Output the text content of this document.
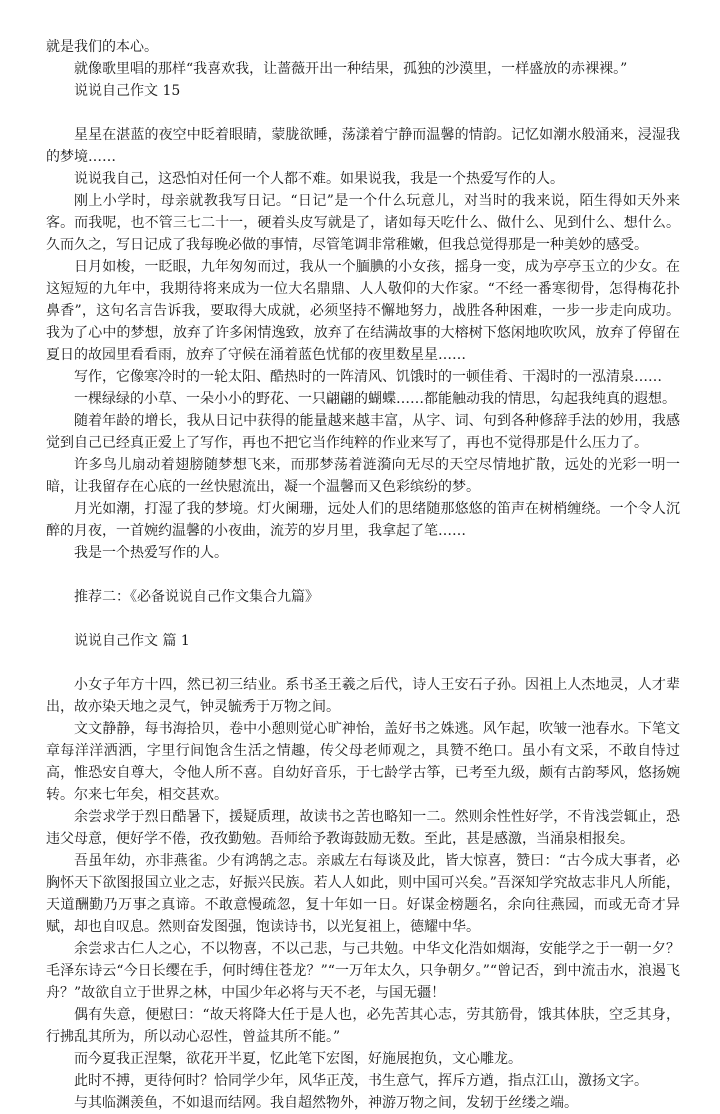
就是我们的本心。

就像歌里唱的那样“我喜欢我，让蔷薇开出一种结果，孤独的沙漠里，一样盛放的赤裸裸。”

说说自己作文 15

星星在湛蓝的夜空中眨着眼睛，蒙胧欲睡，荡漾着宁静而温馨的情韵。记忆如潮水般涌来，浸湿我的梦境……

说说我自己，这恐怕对任何一个人都不难。如果说我，我是一个热爱写作的人。

刚上小学时，母亲就教我写日记。“日记”是一个什么玩意儿，对当时的我来说，陌生得如天外来客。而我呢，也不管三七二十一，硬着头皮写就是了，诸如每天吃什么、做什么、见到什么、想什么。久而久之，写日记成了我每晚必做的事情，尽管笔调非常稚嫩，但我总觉得那是一种美妙的感受。

日月如梭，一眨眼，九年匆匆而过，我从一个腼腆的小女孩，摇身一变，成为亭亭玉立的少女。在这短短的九年中，我期待将来成为一位大名鼎鼎、人人敬仰的大作家。“不经一番寒彻骨，怎得梅花扑鼻香”，这句名言告诉我，要取得大成就，必须坚持不懈地努力，战胜各种困难，一步一步走向成功。我为了心中的梦想，放弃了许多闲情逸致，放弃了在结满故事的大榕树下悠闲地吹吹风，放弃了停留在夏日的故园里看看雨，放弃了守候在涌着蓝色忧郁的夜里数星星……

写作，它像寒冷时的一轮太阳、酷热时的一阵清风、饥饿时的一顿佳肴、干渴时的一泓清泉……

一棵绿绿的小草、一朵小小的野花、一只翩翩的蝴蝶……都能触动我的情思，勾起我纯真的遐想。

随着年龄的增长，我从日记中获得的能量越来越丰富，从字、词、句到各种修辞手法的妙用，我感觉到自己已经真正爱上了写作，再也不把它当作纯粹的作业来写了，再也不觉得那是什么压力了。

许多鸟儿扇动着翅膀随梦想飞来，而那梦荡着涟漪向无尽的天空尽情地扩散，远处的光彩一明一暗，让我留存在心底的一丝快慰流出，凝一个温馨而又色彩缤纷的梦。

月光如潮，打湿了我的梦境。灯火阑珊，远处人们的思绪随那悠悠的笛声在树梢缠绕。一个令人沉醉的月夜，一首婉约温馨的小夜曲，流芳的岁月里，我拿起了笔……

我是一个热爱写作的人。

推荐二：《必备说说自己作文集合九篇》

说说自己作文 篇 1

小女子年方十四，然已初三结业。系书圣王羲之后代，诗人王安石子孙。因祖上人杰地灵，人才辈出，故亦染天地之灵气，钟灵毓秀于万物之间。

文文静静，每书海拾贝，卷中小憩则觉心旷神怡，盖好书之姝逃。风乍起，吹皱一池春水。下笔文章每洋洋洒洒，字里行间饱含生活之情趣，传父母老师观之，具赞不绝口。虽小有文采，不敢自恃过高，惟恐安自尊大，令他人所不喜。自幼好音乐，于七龄学古筝，已考至九级，颇有古韵琴风，悠扬婉转。尔来七年矣，相交甚欢。

余尝求学于烈日酷暑下，援疑质理，故读书之苦也略知一二。然则余性性好学，不肯浅尝辄止，恐违父母意，便好学不倦，孜孜勤勉。吾师给予教诲鼓励无数。至此，甚是感激，当涌泉相报矣。

吾虽年幼，亦非燕雀。少有鸿鹄之志。亲戚左右每谈及此，皆大惊喜，赞曰：“古今成大事者，必胸怀天下欲图报国立业之志，好振兴民族。若人人如此，则中国可兴矣。”吾深知学究故志非凡人所能，天道酬勤乃万事之真谛。不敢意慢疏忽，复十年如一日。好谋金榜题名，余向往燕园，而或无奇才异赋，却也自叹息。然则奋发图强，饱读诗书，以光复祖上，德耀中华。

余尝求古仁人之心，不以物喜，不以己悲，与己共勉。中华文化浩如烟海，安能学之于一朝一夕？毛泽东诗云“今日长缨在手，何时缚住苍龙？”“一万年太久，只争朝夕。”“曾记否，到中流击水，浪遏飞舟？”故欲自立于世界之林，中国少年必将与天不老，与国无疆！

偶有失意，便慰曰：“故天将降大任于是人也，必先苦其心志，劳其筋骨，饿其体肤，空乏其身，行拂乱其所为，所以动心忍性，曾益其所不能。”

而今夏我正涅槃，欲花开半夏，忆此笔下宏图，好施展抱负，文心雕龙。

此时不搏，更待何时？恰同学少年，风华正茂，书生意气，挥斥方遒，指点江山，激扬文字。

与其临渊羡鱼，不如退而结网。我自超然物外，神游万物之间，发轫于丝缕之端。
